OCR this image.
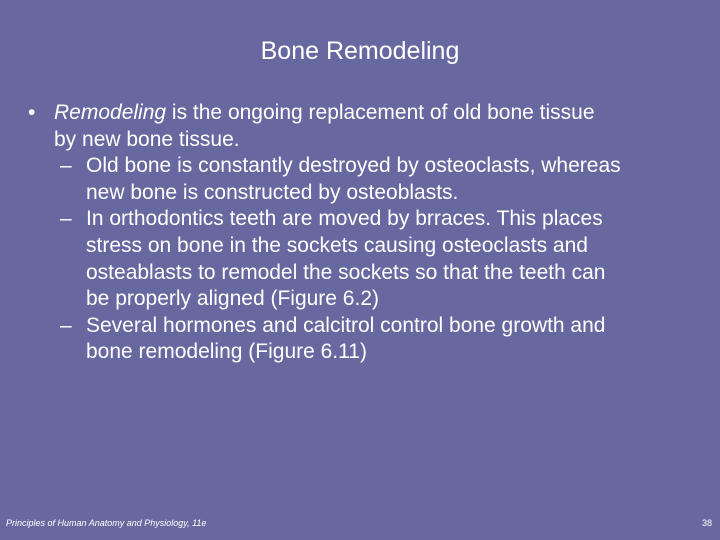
Bone Remodeling
• Remodeling is the ongoing replacement of old bone tissue
by new bone tissue.
– Old bone is constantly destroyed by osteoclasts, whereas
new bone is constructed by osteoblasts.
– In orthodontics teeth are moved by brraces. This places
stress on bone in the sockets causing osteoclasts and
osteablasts to remodel the sockets so that the teeth can
be properly aligned (Figure 6.2)
– Several hormones and calcitrol control bone growth and
bone remodeling (Figure 6.11)
Principles of Human Anatomy and Physiology, 11e	38
